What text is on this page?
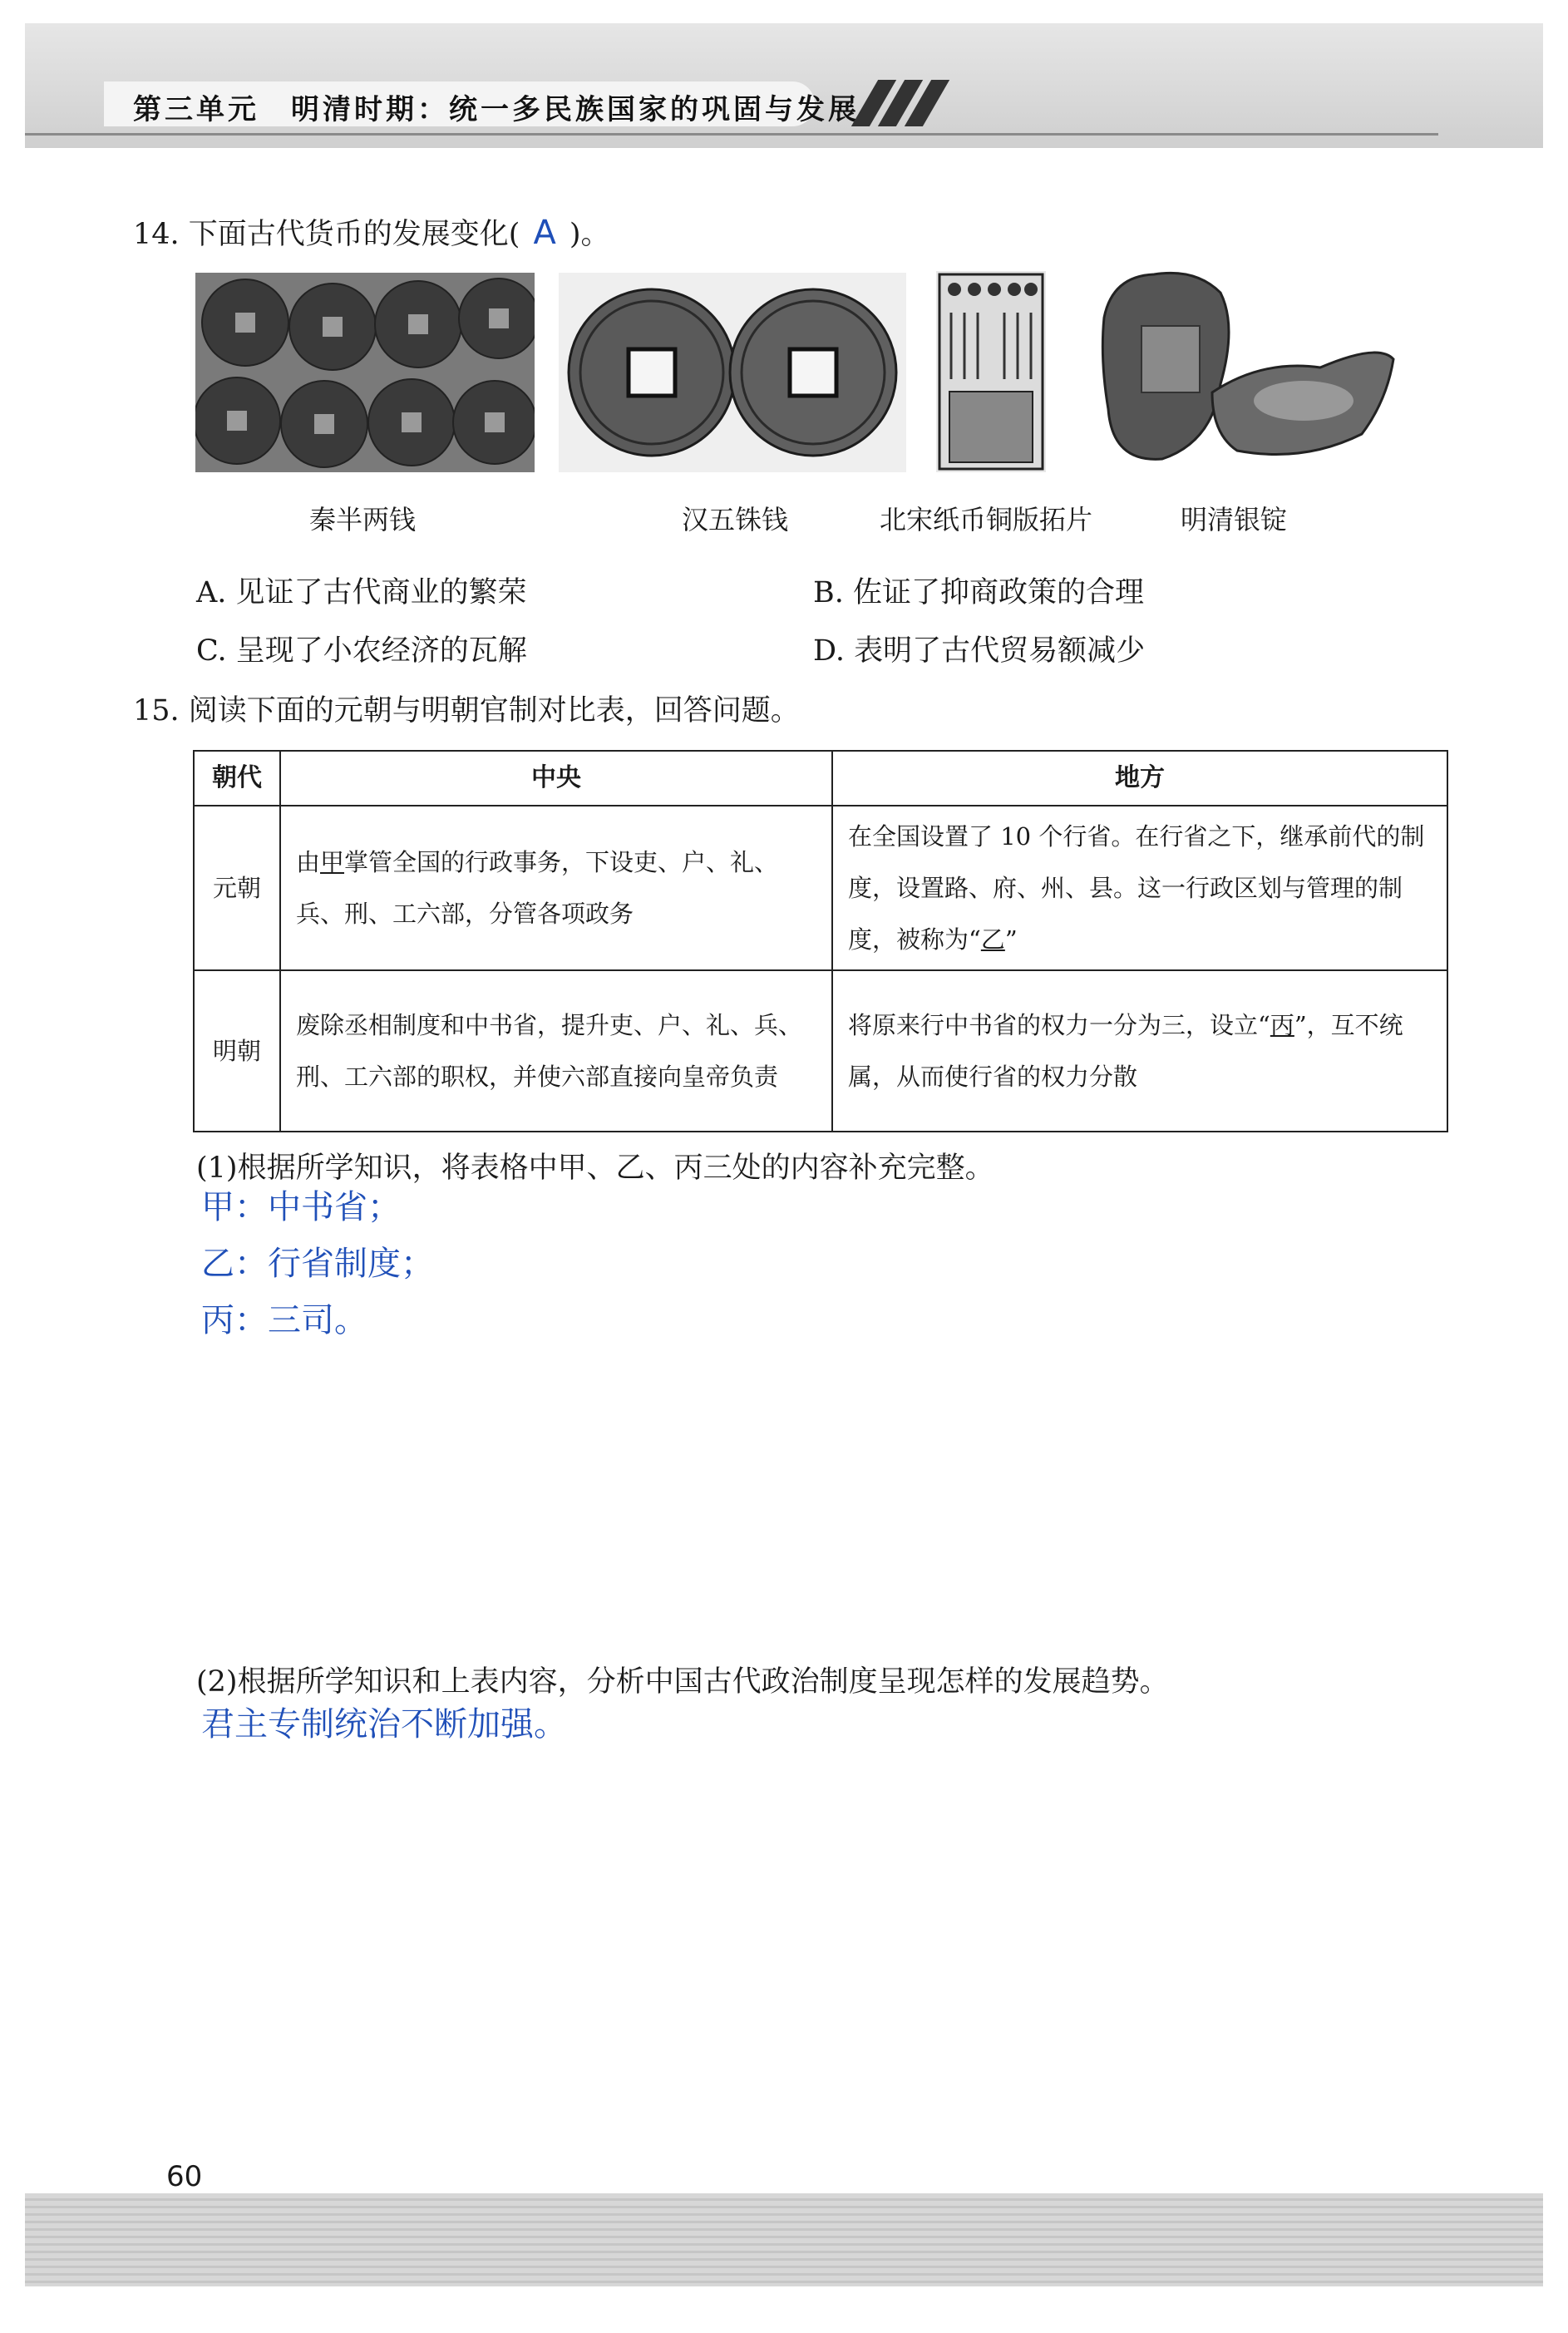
第三单元　明清时期：统一多民族国家的巩固与发展
14. 下面古代货币的发展变化( A )。
秦半两钱	汉五铢钱	北宋纸币铜版拓片	明清银锭
A. 见证了古代商业的繁荣	B. 佐证了抑商政策的合理
C. 呈现了小农经济的瓦解	D. 表明了古代贸易额减少
15. 阅读下面的元朝与明朝官制对比表，回答问题。
朝代	中央	地方
元朝	由甲掌管全国的行政事务，下设吏、户、礼、兵、刑、工六部，分管各项政务	在全国设置了 10 个行省。在行省之下，继承前代的制度，设置路、府、州、县。这一行政区划与管理的制度，被称为“乙”
明朝	废除丞相制度和中书省，提升吏、户、礼、兵、刑、工六部的职权，并使六部直接向皇帝负责	将原来行中书省的权力一分为三，设立“丙”，互不统属，从而使行省的权力分散
(1)根据所学知识，将表格中甲、乙、丙三处的内容补充完整。
甲：中书省；
乙：行省制度；
丙：三司。
(2)根据所学知识和上表内容，分析中国古代政治制度呈现怎样的发展趋势。
君主专制统治不断加强。
60
